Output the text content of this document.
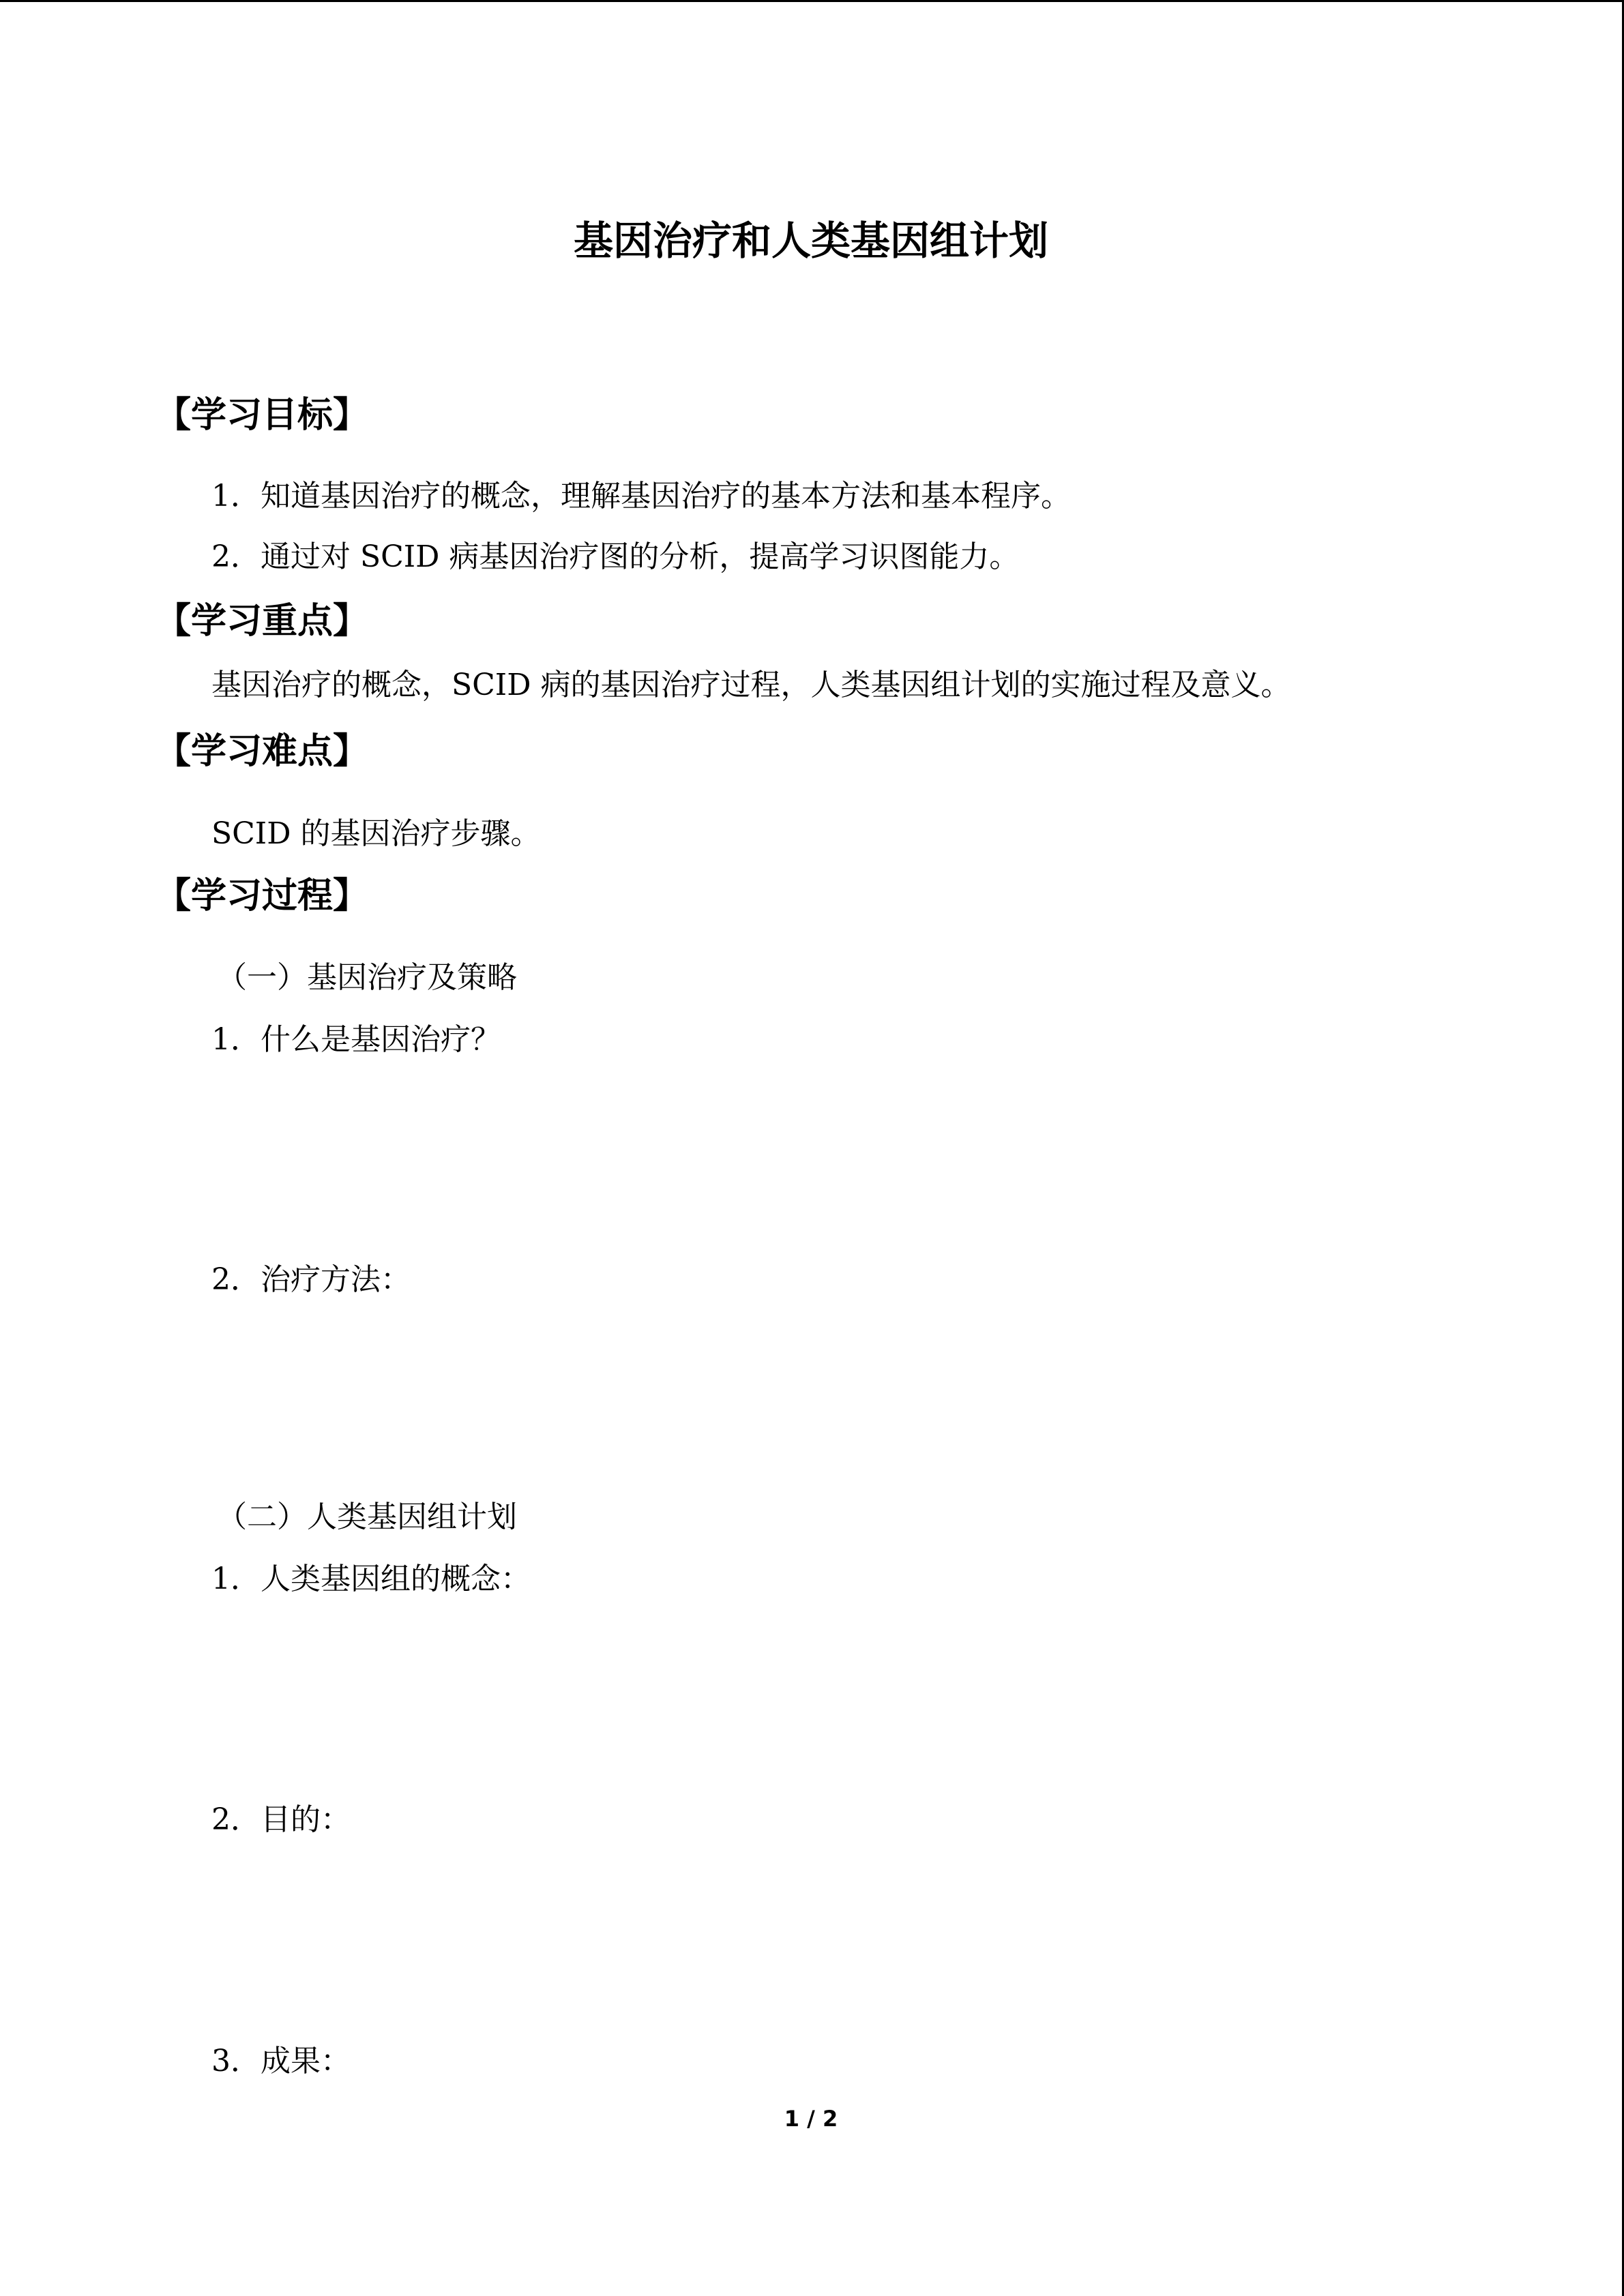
基因治疗和人类基因组计划
【学习目标】
1．知道基因治疗的概念，理解基因治疗的基本方法和基本程序。
2．通过对 SCID 病基因治疗图的分析，提高学习识图能力。
【学习重点】
基因治疗的概念，SCID 病的基因治疗过程，人类基因组计划的实施过程及意义。
【学习难点】
SCID 的基因治疗步骤。
【学习过程】
（一）基因治疗及策略
1．什么是基因治疗？
2．治疗方法：
（二）人类基因组计划
1．人类基因组的概念：
2．目的：
3．成果：
1 / 2
